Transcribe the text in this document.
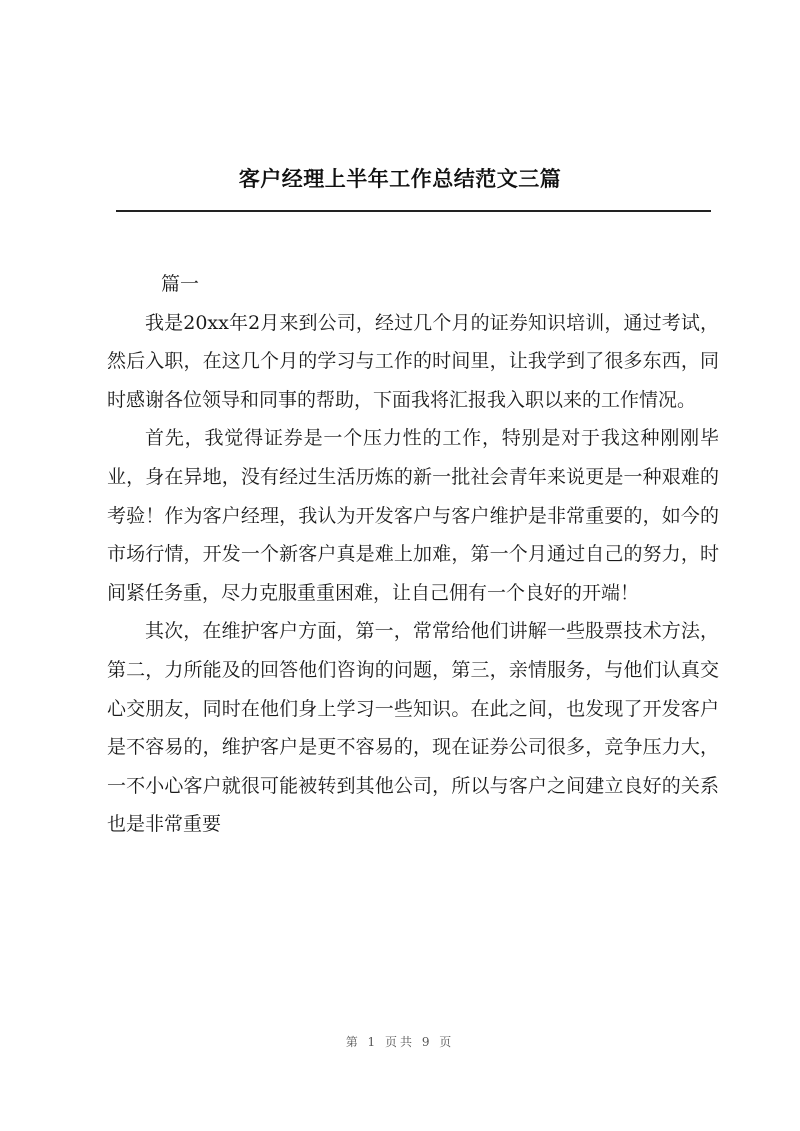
客户经理上半年工作总结范文三篇

篇一

我是20xx年2月来到公司，经过几个月的证券知识培训，通过考试，然后入职，在这几个月的学习与工作的时间里，让我学到了很多东西，同时感谢各位领导和同事的帮助，下面我将汇报我入职以来的工作情况。

首先，我觉得证券是一个压力性的工作，特别是对于我这种刚刚毕业，身在异地，没有经过生活历炼的新一批社会青年来说更是一种艰难的考验！作为客户经理，我认为开发客户与客户维护是非常重要的，如今的市场行情，开发一个新客户真是难上加难，第一个月通过自己的努力，时间紧任务重，尽力克服重重困难，让自己佣有一个良好的开端！

其次，在维护客户方面，第一，常常给他们讲解一些股票技术方法，第二，力所能及的回答他们咨询的问题，第三，亲情服务，与他们认真交心交朋友，同时在他们身上学习一些知识。在此之间，也发现了开发客户是不容易的，维护客户是更不容易的，现在证券公司很多，竞争压力大，一不小心客户就很可能被转到其他公司，所以与客户之间建立良好的关系也是非常重要

第 1 页共 9 页
